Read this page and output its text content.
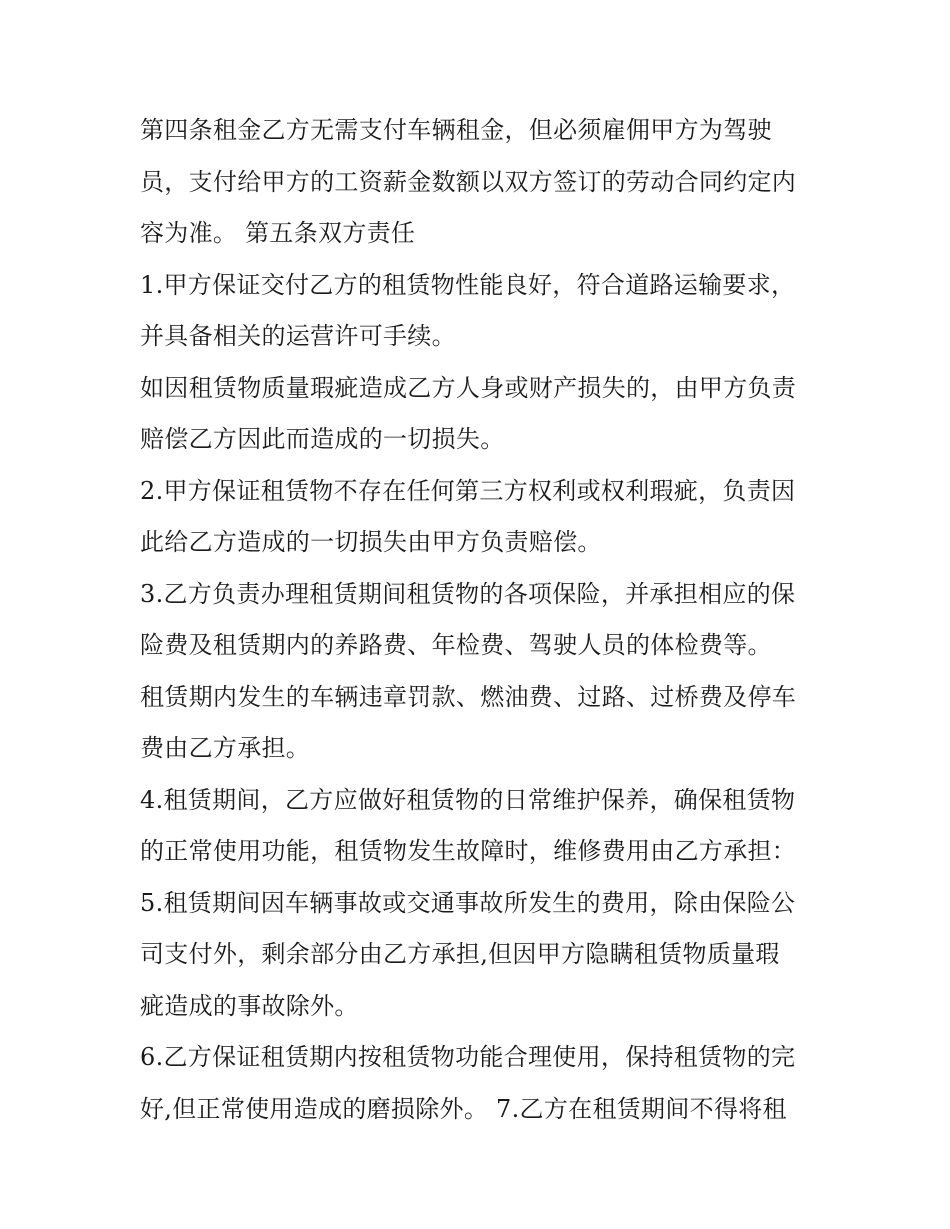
第四条租金乙方无需支付车辆租金，但必须雇佣甲方为驾驶
员，支付给甲方的工资薪金数额以双方签订的劳动合同约定内
容为准。 第五条双方责任
1.甲方保证交付乙方的租赁物性能良好，符合道路运输要求，
并具备相关的运营许可手续。
如因租赁物质量瑕疵造成乙方人身或财产损失的，由甲方负责
赔偿乙方因此而造成的一切损失。
2.甲方保证租赁物不存在任何第三方权利或权利瑕疵，负责因
此给乙方造成的一切损失由甲方负责赔偿。
3.乙方负责办理租赁期间租赁物的各项保险，并承担相应的保
险费及租赁期内的养路费、年检费、驾驶人员的体检费等。
租赁期内发生的车辆违章罚款、燃油费、过路、过桥费及停车
费由乙方承担。
4.租赁期间，乙方应做好租赁物的日常维护保养，确保租赁物
的正常使用功能，租赁物发生故障时，维修费用由乙方承担：
5.租赁期间因车辆事故或交通事故所发生的费用，除由保险公
司支付外，剩余部分由乙方承担,但因甲方隐瞒租赁物质量瑕
疵造成的事故除外。
6.乙方保证租赁期内按租赁物功能合理使用，保持租赁物的完
好,但正常使用造成的磨损除外。 7.乙方在租赁期间不得将租
